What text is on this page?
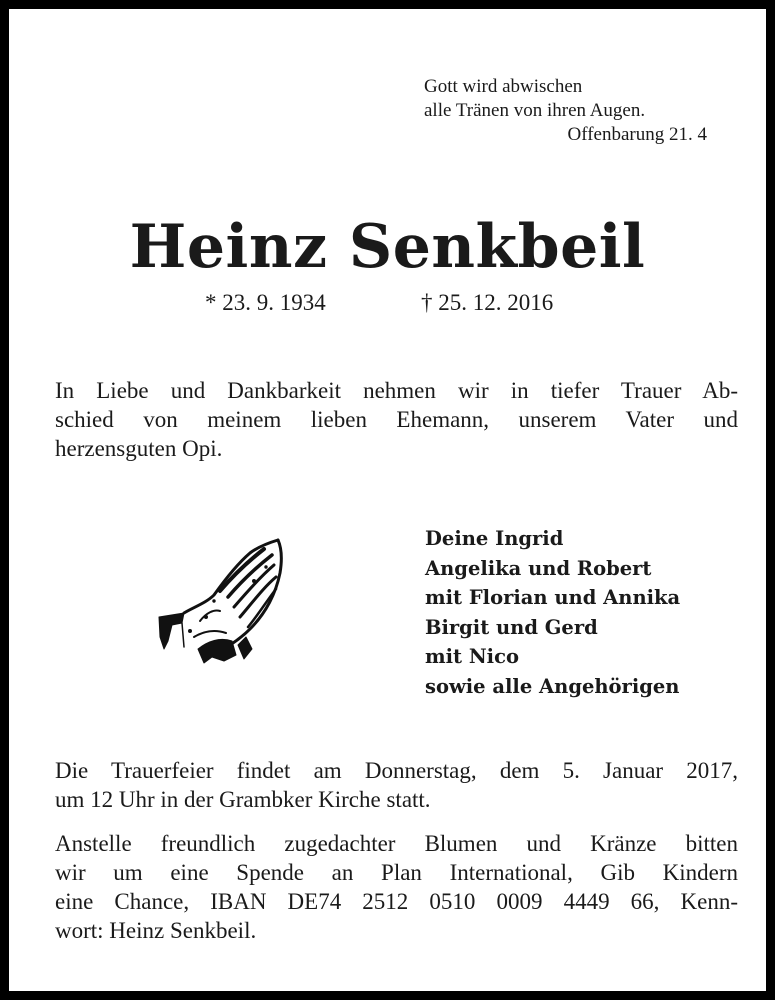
Gott wird abwischen
alle Tränen von ihren Augen.
Offenbarung 21. 4
Heinz Senkbeil
* 23. 9. 1934	† 25. 12. 2016
In Liebe und Dankbarkeit nehmen wir in tiefer Trauer Ab-
schied von meinem lieben Ehemann, unserem Vater und
herzensguten Opi.
Deine Ingrid
Angelika und Robert
mit Florian und Annika
Birgit und Gerd
mit Nico
sowie alle Angehörigen
Die Trauerfeier findet am Donnerstag, dem 5. Januar 2017,
um 12 Uhr in der Grambker Kirche statt.
Anstelle freundlich zugedachter Blumen und Kränze bitten
wir um eine Spende an Plan International, Gib Kindern
eine Chance, IBAN DE74 2512 0510 0009 4449 66, Kenn-
wort: Heinz Senkbeil.
